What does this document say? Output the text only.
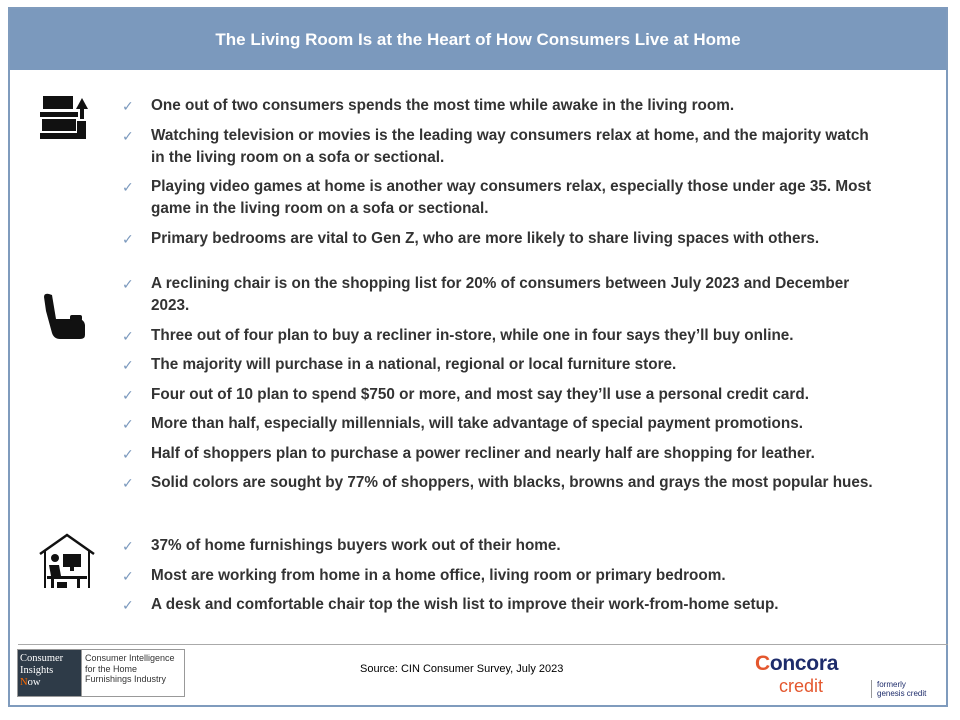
The Living Room Is at the Heart of How Consumers Live at Home
✓ One out of two consumers spends the most time while awake in the living room.
✓ Watching television or movies is the leading way consumers relax at home, and the majority watch in the living room on a sofa or sectional.
✓ Playing video games at home is another way consumers relax, especially those under age 35. Most game in the living room on a sofa or sectional.
✓ Primary bedrooms are vital to Gen Z, who are more likely to share living spaces with others.
✓ A reclining chair is on the shopping list for 20% of consumers between July 2023 and December 2023.
✓ Three out of four plan to buy a recliner in-store, while one in four says they’ll buy online.
✓ The majority will purchase in a national, regional or local furniture store.
✓ Four out of 10 plan to spend $750 or more, and most say they’ll use a personal credit card.
✓ More than half, especially millennials, will take advantage of special payment promotions.
✓ Half of shoppers plan to purchase a power recliner and nearly half are shopping for leather.
✓ Solid colors are sought by 77% of shoppers, with blacks, browns and grays the most popular hues.
✓ 37% of home furnishings buyers work out of their home.
✓ Most are working from home in a home office, living room or primary bedroom.
✓ A desk and comfortable chair top the wish list to improve their work-from-home setup.
Consumer
Insights
Now
Consumer Intelligence for the Home Furnishings Industry
Source: CIN Consumer Survey, July 2023	Concora
credit	formerly
genesis credit
